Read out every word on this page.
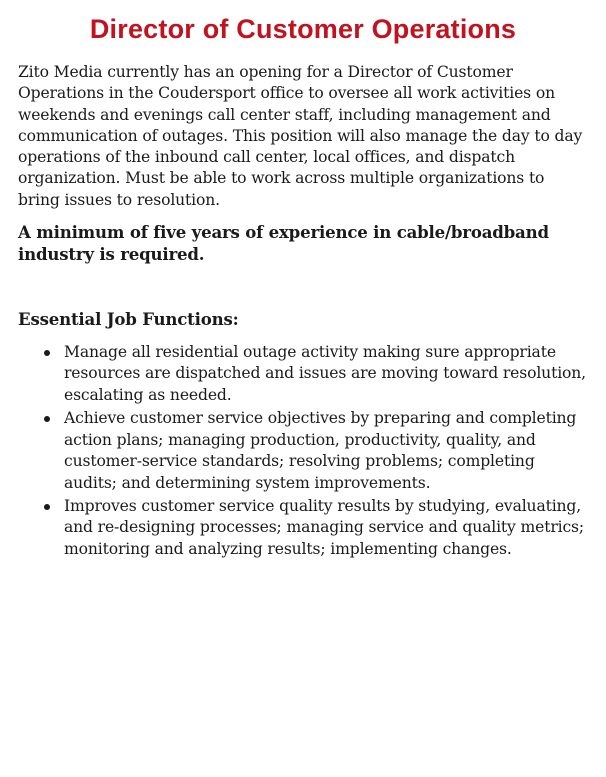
Director of Customer Operations

Zito Media currently has an opening for a Director of Customer Operations in the Coudersport office to oversee all work activities on weekends and evenings call center staff, including management and communication of outages. This position will also manage the day to day operations of the inbound call center, local offices, and dispatch organization. Must be able to work across multiple organizations to bring issues to resolution.

A minimum of five years of experience in cable/broadband industry is required.

Essential Job Functions:
Manage all residential outage activity making sure appropriate resources are dispatched and issues are moving toward resolution, escalating as needed.
Achieve customer service objectives by preparing and completing action plans; managing production, productivity, quality, and customer-service standards; resolving problems; completing audits; and determining system improvements.
Improves customer service quality results by studying, evaluating, and re-designing processes; managing service and quality metrics; monitoring and analyzing results; implementing changes.
